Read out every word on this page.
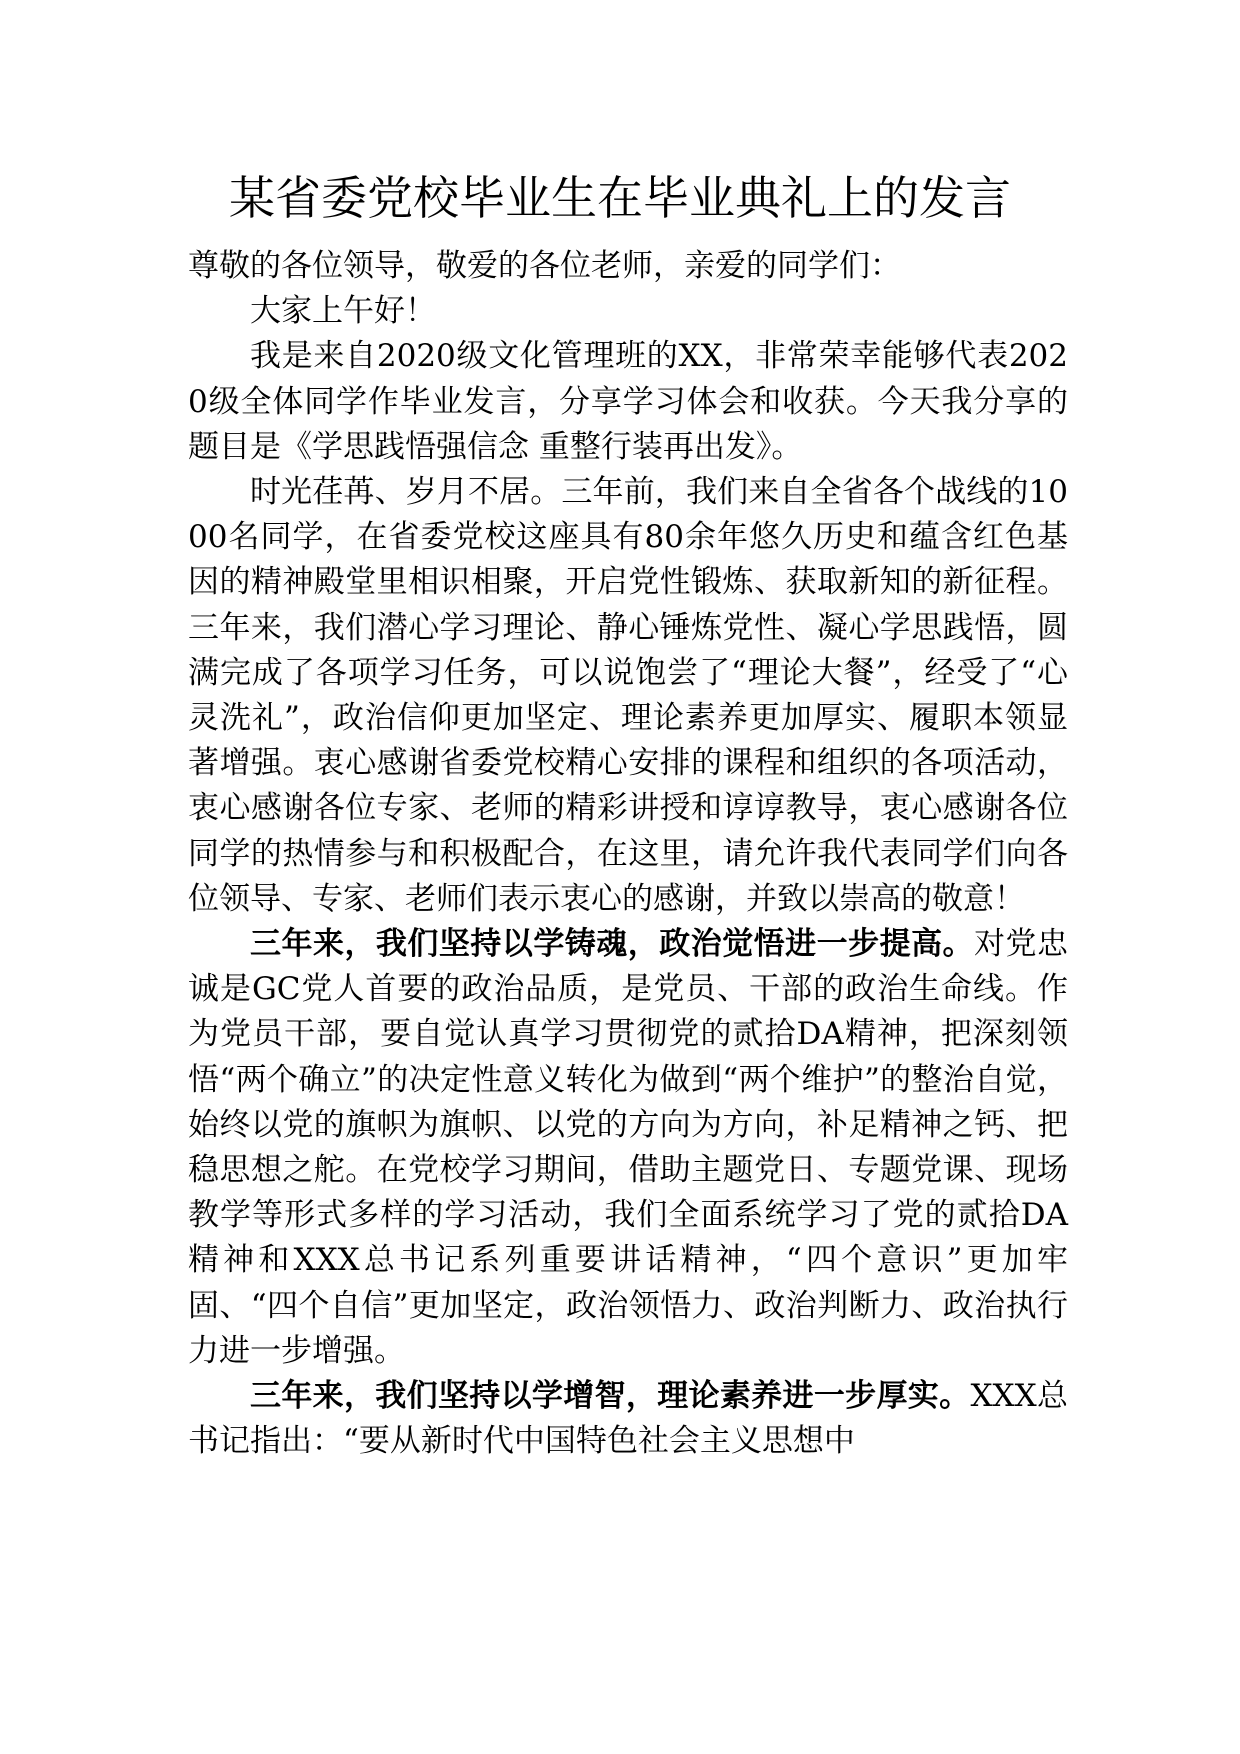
某省委党校毕业生在毕业典礼上的发言

尊敬的各位领导，敬爱的各位老师，亲爱的同学们：

大家上午好！

我是来自2020级文化管理班的XX，非常荣幸能够代表2020级全体同学作毕业发言，分享学习体会和收获。今天我分享的题目是《学思践悟强信念 重整行装再出发》。

时光荏苒、岁月不居。三年前，我们来自全省各个战线的1000名同学，在省委党校这座具有80余年悠久历史和蕴含红色基因的精神殿堂里相识相聚，开启党性锻炼、获取新知的新征程。三年来，我们潜心学习理论、静心锤炼党性、凝心学思践悟，圆满完成了各项学习任务，可以说饱尝了“理论大餐”，经受了“心灵洗礼”，政治信仰更加坚定、理论素养更加厚实、履职本领显著增强。衷心感谢省委党校精心安排的课程和组织的各项活动，衷心感谢各位专家、老师的精彩讲授和谆谆教导，衷心感谢各位同学的热情参与和积极配合，在这里，请允许我代表同学们向各位领导、专家、老师们表示衷心的感谢，并致以崇高的敬意！

三年来，我们坚持以学铸魂，政治觉悟进一步提高。对党忠诚是GC党人首要的政治品质，是党员、干部的政治生命线。作为党员干部，要自觉认真学习贯彻党的贰拾DA精神，把深刻领悟“两个确立”的决定性意义转化为做到“两个维护”的整治自觉，始终以党的旗帜为旗帜、以党的方向为方向，补足精神之钙、把稳思想之舵。在党校学习期间，借助主题党日、专题党课、现场教学等形式多样的学习活动，我们全面系统学习了党的贰拾DA精神和XXX总书记系列重要讲话精神，“四个意识”更加牢固、“四个自信”更加坚定，政治领悟力、政治判断力、政治执行力进一步增强。

三年来，我们坚持以学增智，理论素养进一步厚实。XXX总书记指出：“要从新时代中国特色社会主义思想中
